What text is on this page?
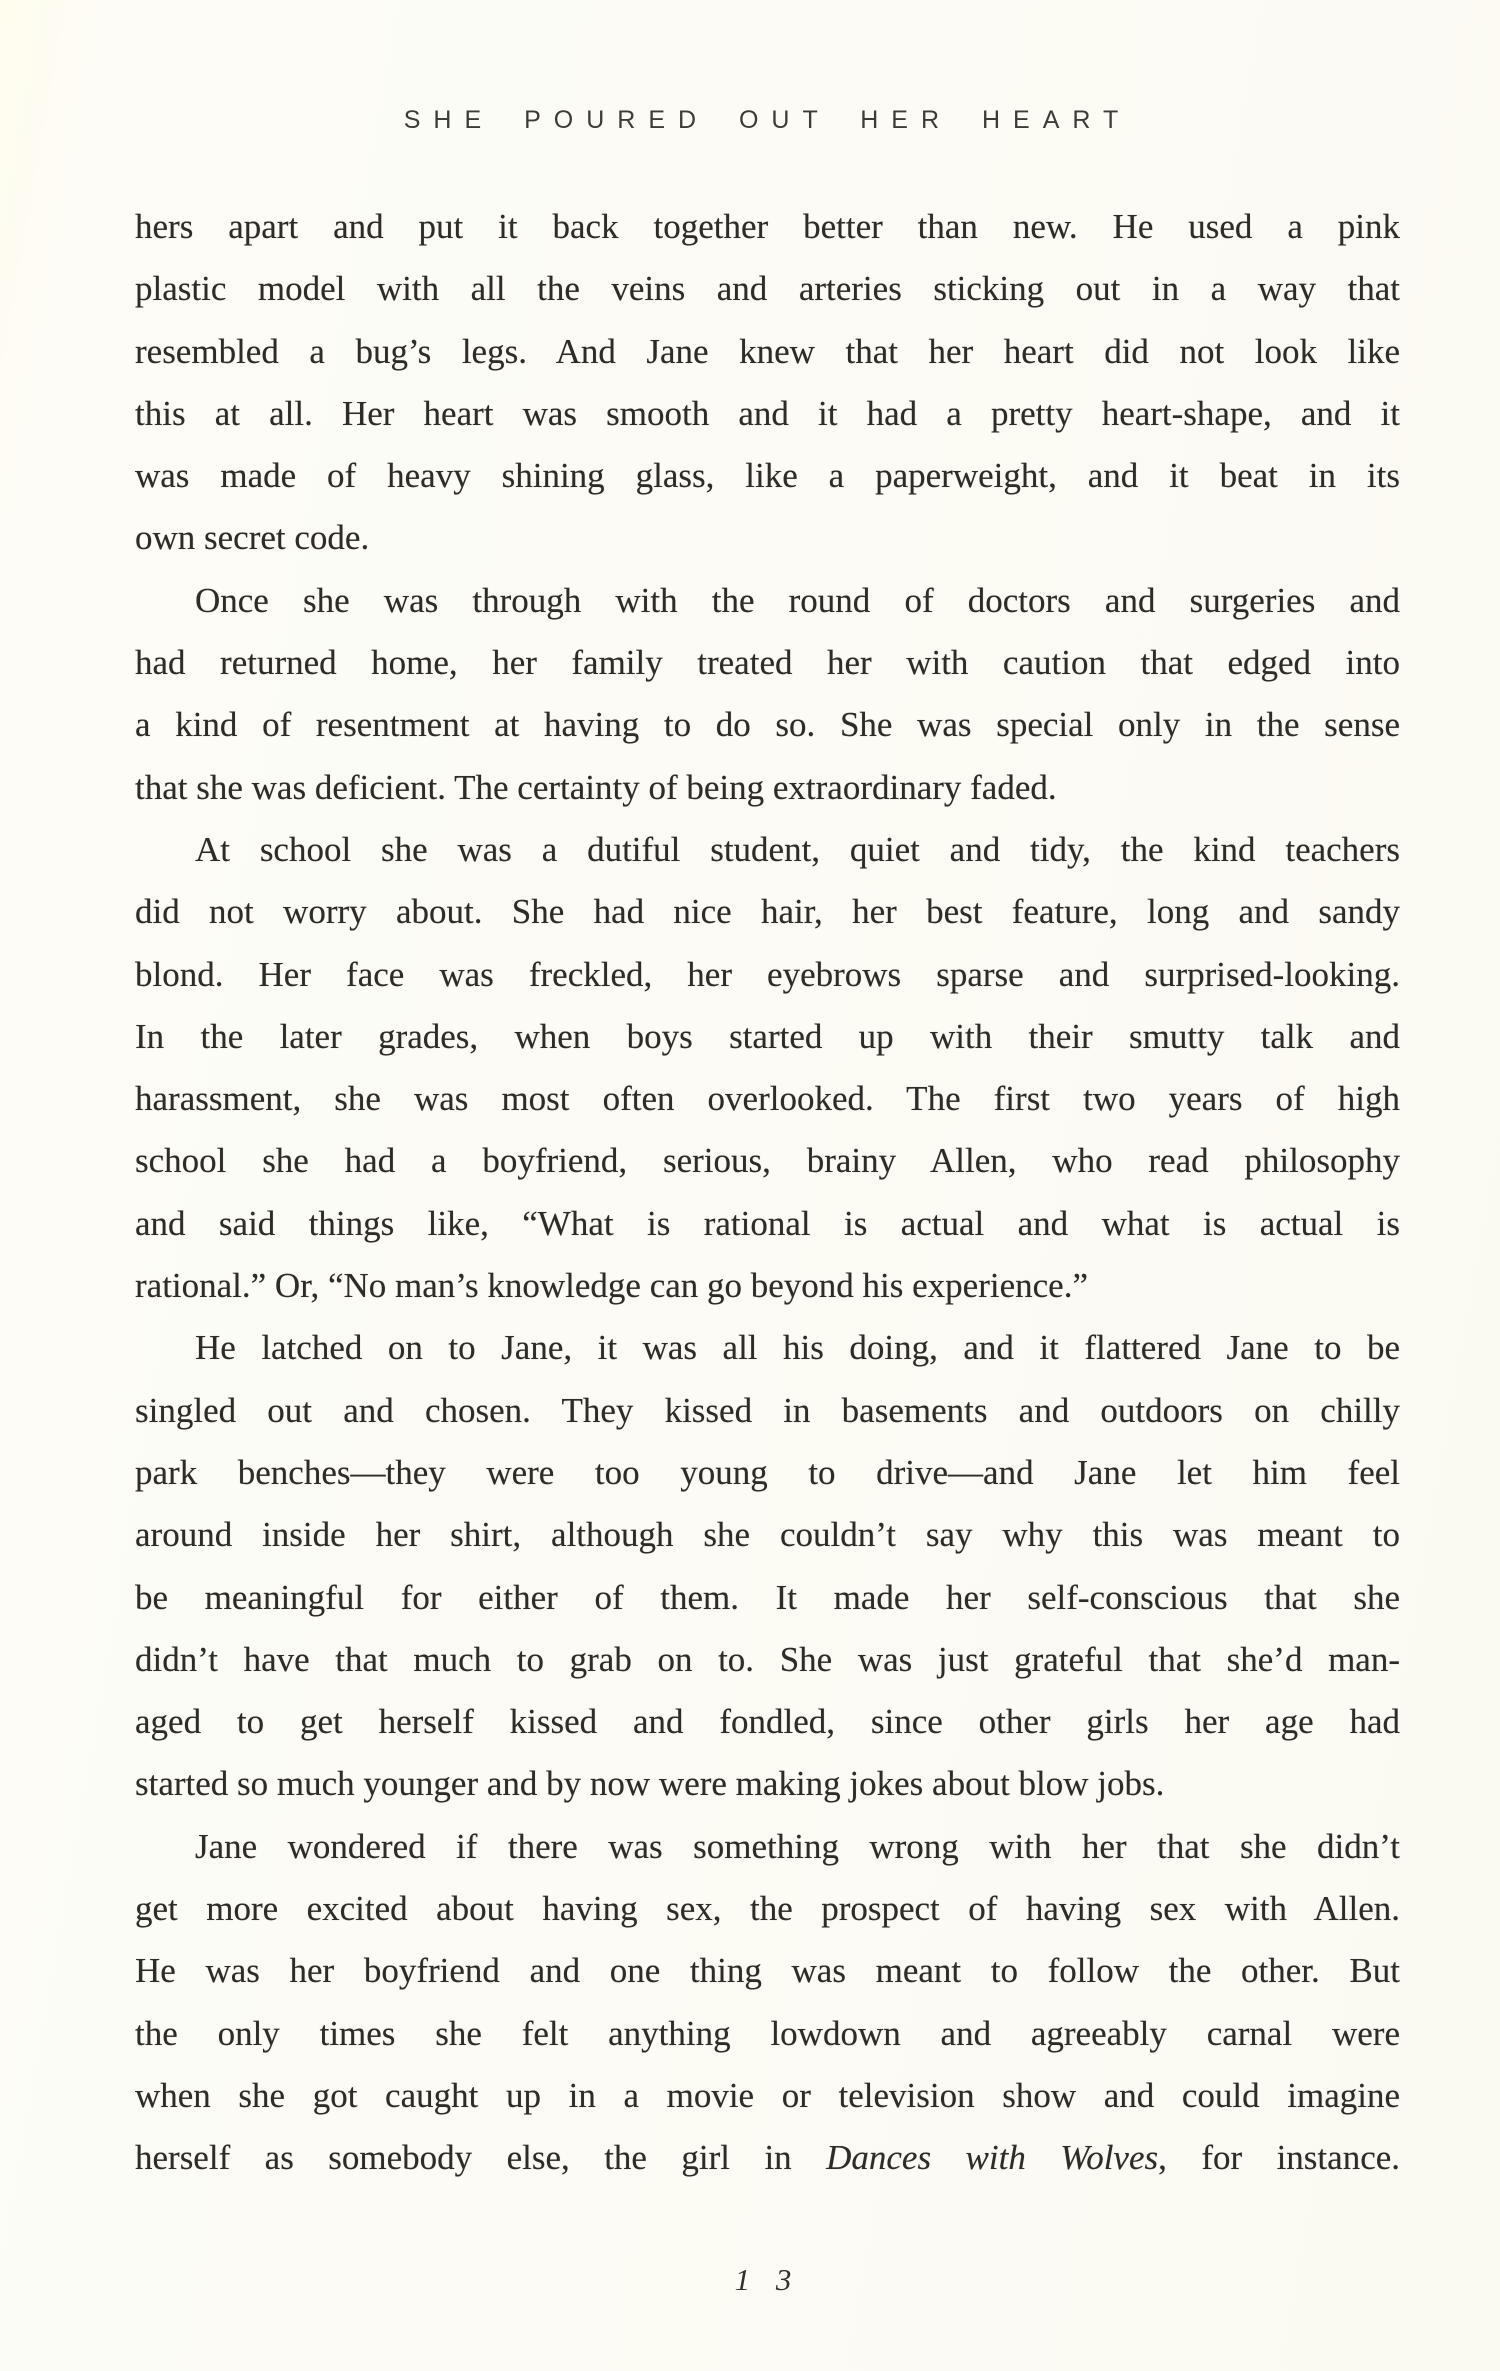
SHE POURED OUT HER HEART
hers apart and put it back together better than new. He used a pink
plastic model with all the veins and arteries sticking out in a way that
resembled a bug’s legs. And Jane knew that her heart did not look like
this at all. Her heart was smooth and it had a pretty heart-shape, and it
was made of heavy shining glass, like a paperweight, and it beat in its
own secret code.
Once she was through with the round of doctors and surgeries and
had returned home, her family treated her with caution that edged into
a kind of resentment at having to do so. She was special only in the sense
that she was deficient. The certainty of being extraordinary faded.
At school she was a dutiful student, quiet and tidy, the kind teachers
did not worry about. She had nice hair, her best feature, long and sandy
blond. Her face was freckled, her eyebrows sparse and surprised-looking.
In the later grades, when boys started up with their smutty talk and
harassment, she was most often overlooked. The first two years of high
school she had a boyfriend, serious, brainy Allen, who read philosophy
and said things like, “What is rational is actual and what is actual is
rational.” Or, “No man’s knowledge can go beyond his experience.”
He latched on to Jane, it was all his doing, and it flattered Jane to be
singled out and chosen. They kissed in basements and outdoors on chilly
park benches—they were too young to drive—and Jane let him feel
around inside her shirt, although she couldn’t say why this was meant to
be meaningful for either of them. It made her self-conscious that she
didn’t have that much to grab on to. She was just grateful that she’d man-
aged to get herself kissed and fondled, since other girls her age had
started so much younger and by now were making jokes about blow jobs.
Jane wondered if there was something wrong with her that she didn’t
get more excited about having sex, the prospect of having sex with Allen.
He was her boyfriend and one thing was meant to follow the other. But
the only times she felt anything lowdown and agreeably carnal were
when she got caught up in a movie or television show and could imagine
herself as somebody else, the girl in Dances with Wolves, for instance.
1 3
